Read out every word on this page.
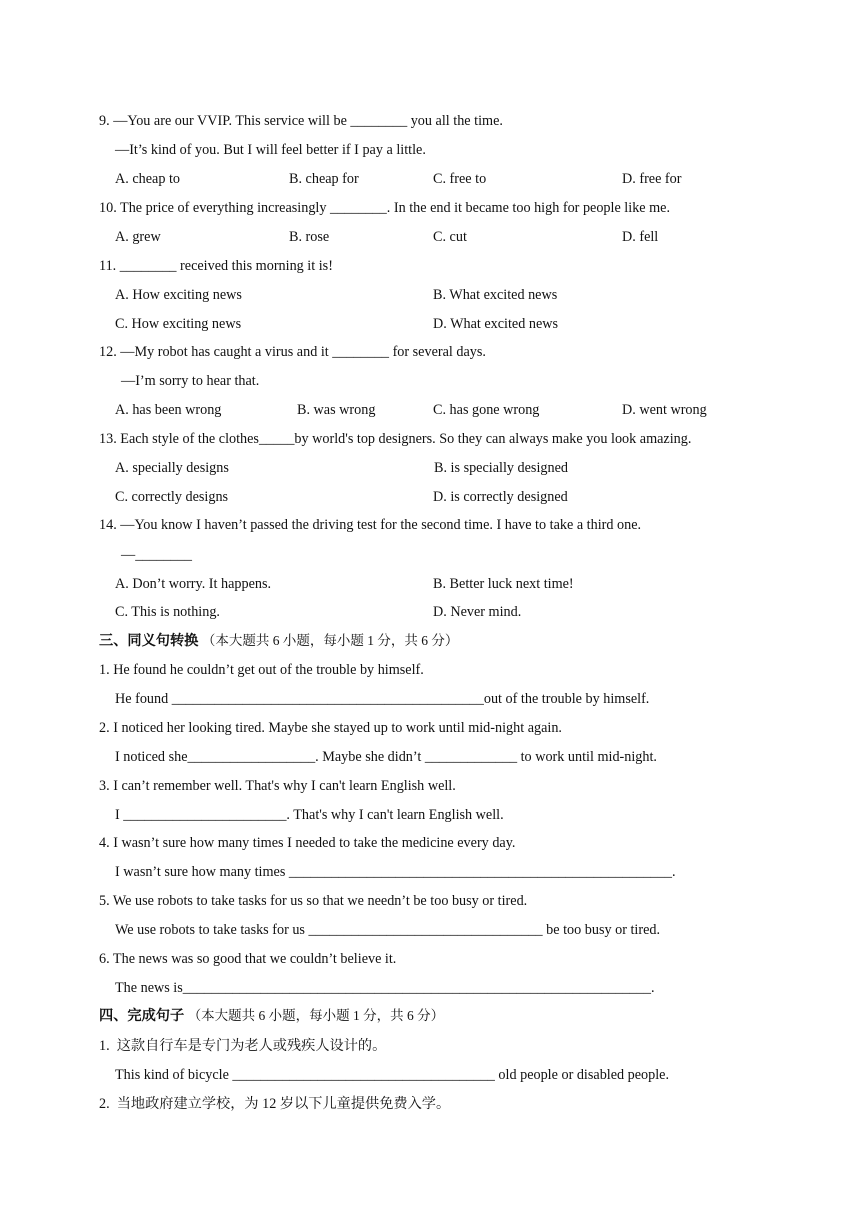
9. —You are our VVIP. This service will be ________ you all the time.
—It’s kind of you. But I will feel better if I pay a little.
A. cheap to	B. cheap for	C. free to	D. free for
10. The price of everything increasingly ________. In the end it became too high for people like me.
A. grew	B. rose	C. cut	D. fell
11. ________ received this morning it is!
A. How exciting news	B. What excited news
C. How exciting news	D. What excited news
12. —My robot has caught a virus and it ________ for several days.
—I’m sorry to hear that.
A. has been wrong	B. was wrong	C. has gone wrong	D. went wrong
13. Each style of the clothes_____by world's top designers. So they can always make you look amazing.
A. specially designs	B. is specially designed
C. correctly designs	D. is correctly designed
14. —You know I haven’t passed the driving test for the second time. I have to take a third one.
—________
A. Don’t worry. It happens.	B. Better luck next time!
C. This is nothing.	D. Never mind.
三、同义句转换 （本大题共 6 小题，每小题 1 分，共 6 分）
1. He found he couldn’t get out of the trouble by himself.
He found ____________________________________________out of the trouble by himself.
2. I noticed her looking tired. Maybe she stayed up to work until mid-night again.
I noticed she__________________. Maybe she didn’t _____________ to work until mid-night.
3. I can’t remember well. That's why I can't learn English well.
I _______________________. That's why I can't learn English well.
4. I wasn’t sure how many times I needed to take the medicine every day.
I wasn’t sure how many times ______________________________________________________.
5. We use robots to take tasks for us so that we needn’t be too busy or tired.
We use robots to take tasks for us _________________________________ be too busy or tired.
6. The news was so good that we couldn’t believe it.
The news is__________________________________________________________________.
四、完成句子 （本大题共 6 小题，每小题 1 分，共 6 分）
1.  这款自行车是专门为老人或残疾人设计的。
This kind of bicycle _____________________________________ old people or disabled people.
2.  当地政府建立学校，为 12 岁以下儿童提供免费入学。
